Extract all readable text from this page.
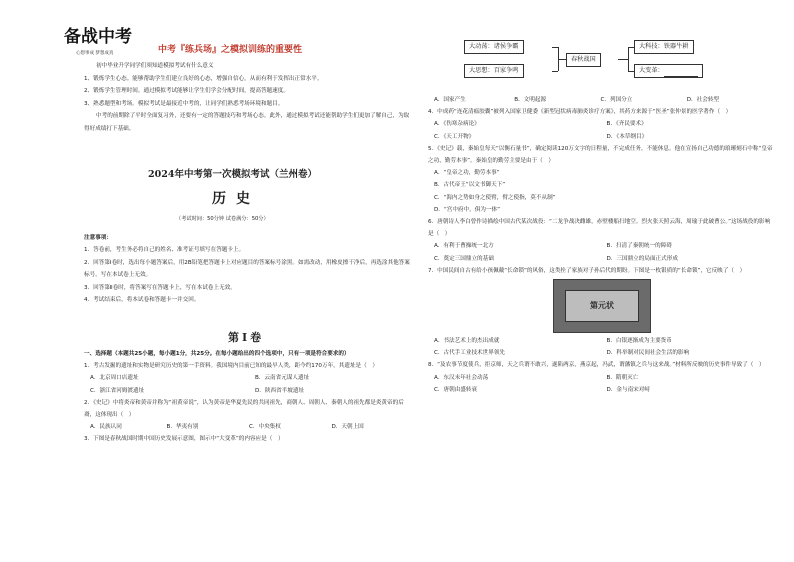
备战中考
心想事成 梦想成真	中考『练兵场』之模拟训练的重要性

初中毕业升学同学们须知道模拟考试有什么意义

1、锻炼学生心态。能够帮助学生们建立良好的心态，增强自信心，从而有利于发挥出正常水平。

2、锻炼学生管理时间。通过模拟考试能够让学生们学会分配时间，提高答题速度。

3、熟悉题型和考场。模拟考试是最接近中考的，让同学们熟悉考场环境和题目。

中考的前期除了平时全面复习外，还要有一定的答题技巧和考场心态。此外，通过模拟考试还能帮助学生们更加了解自己，为取得好成绩打下基础。

2024年中考第一次模拟考试（兰州卷）
历史
（考试时间：50分钟 试卷满分：50分）

注意事项：

1．答卷前，考生务必将自己的姓名、准考证号填写在答题卡上。

2．回答第Ⅰ卷时，选出每小题答案后，用2B铅笔把答题卡上对应题目的答案标号涂黑。如需改动，用橡皮擦干净后，再选涂其他答案标号。写在本试卷上无效。

3．回答第Ⅱ卷时，将答案写在答题卡上，写在本试卷上无效。

4．考试结束后，将本试卷和答题卡一并交回。

第Ⅰ卷

一、选择题（本题共25小题，每小题1分，共25分。在每小题给出的四个选项中，只有一项是符合要求的）

1．考古发掘的遗址和实物是研究历史的第一手资料。我国境内目前已知的最早人类，距今约170万年，其遗址是（　）

A．北京周口店遗址	B．云南省元谋人遗址
C．浙江省河姆渡遗址	D．陕西省半坡遗址

2．《史记》中将炎帝和黄帝并称为“祖黄帝说”，认为黄帝是华夏先民的共同祖先，商朝人、周朝人、秦朝人的祖先都是炎黄帝的后裔，这体现出（　）

A．民族认同	B．华夷有别	C．中央集权	D．天朝上国

3．下图是春秋战国时期中国历史发展示意图，图示中“大变革”的内容应是（　）

大动荡：诸侯争霸
大思想：百家争鸣
春秋战国
大科技：铁器牛耕
大变革：
A．国家产生	B．文明起源	C．列国分立	D．社会转型

4．中成药“连花清瘟胶囊”被列入国家卫健委《新型冠状病毒肺炎诊疗方案》，其药方来源于“医圣”张仲景的医学著作（　）

A．《伤寒杂病论》	B．《齐民要术》
C．《天工开物》	D．《本草纲目》

5．《史记》载，秦始皇每天“以衡石量书”，确定阅读120万文字的日程量，不完成任务，不能休息。他在宣扬自己功德的琅琊刻石中称“皇帝之功，勤劳本事”。秦始皇的勤劳主要是由于（　）

A．“皇帝之功，勤劳本事”
B．古代帝王“以文书御天下”
C．“海内之势如身之使臂，臂之使指，莫不从制”
D．“宫中府中，俱为一体”

6．唐朝诗人李白曾作诗描绘中国古代某次战役：“二龙争战决雌雄，赤壁楼船扫地空。烈火张天照云海，周瑜于此破曹公。”这场战役的影响是（　）

A．有利于曹操统一北方	B．扫清了秦朝统一的障碍
C．奠定三国鼎立的基础	D．三国鼎立的局面正式形成

7．中国民间自古有给小孩佩戴“长命锁”的风俗，这类拴了家族对子孙后代的期盼。下图是一枚银质的“长命锁”，它反映了（　）

第元状
A．书法艺术上的杰出成就	B．白银逐渐成为主要货币
C．古代手工业技术世界领先	D．科举制对民间社会生活的影响

8．“及农事节度使兵，拒京师，天之兵谓不敢兴，遂陷两京，燕京起，冯武，谓藩镇之兵与这来战。”材料所反映的历史事件导致了（　）

A．东汉末年社会动荡	B．隋朝灭亡
C．唐朝由盛转衰	D．金与南宋对峙
